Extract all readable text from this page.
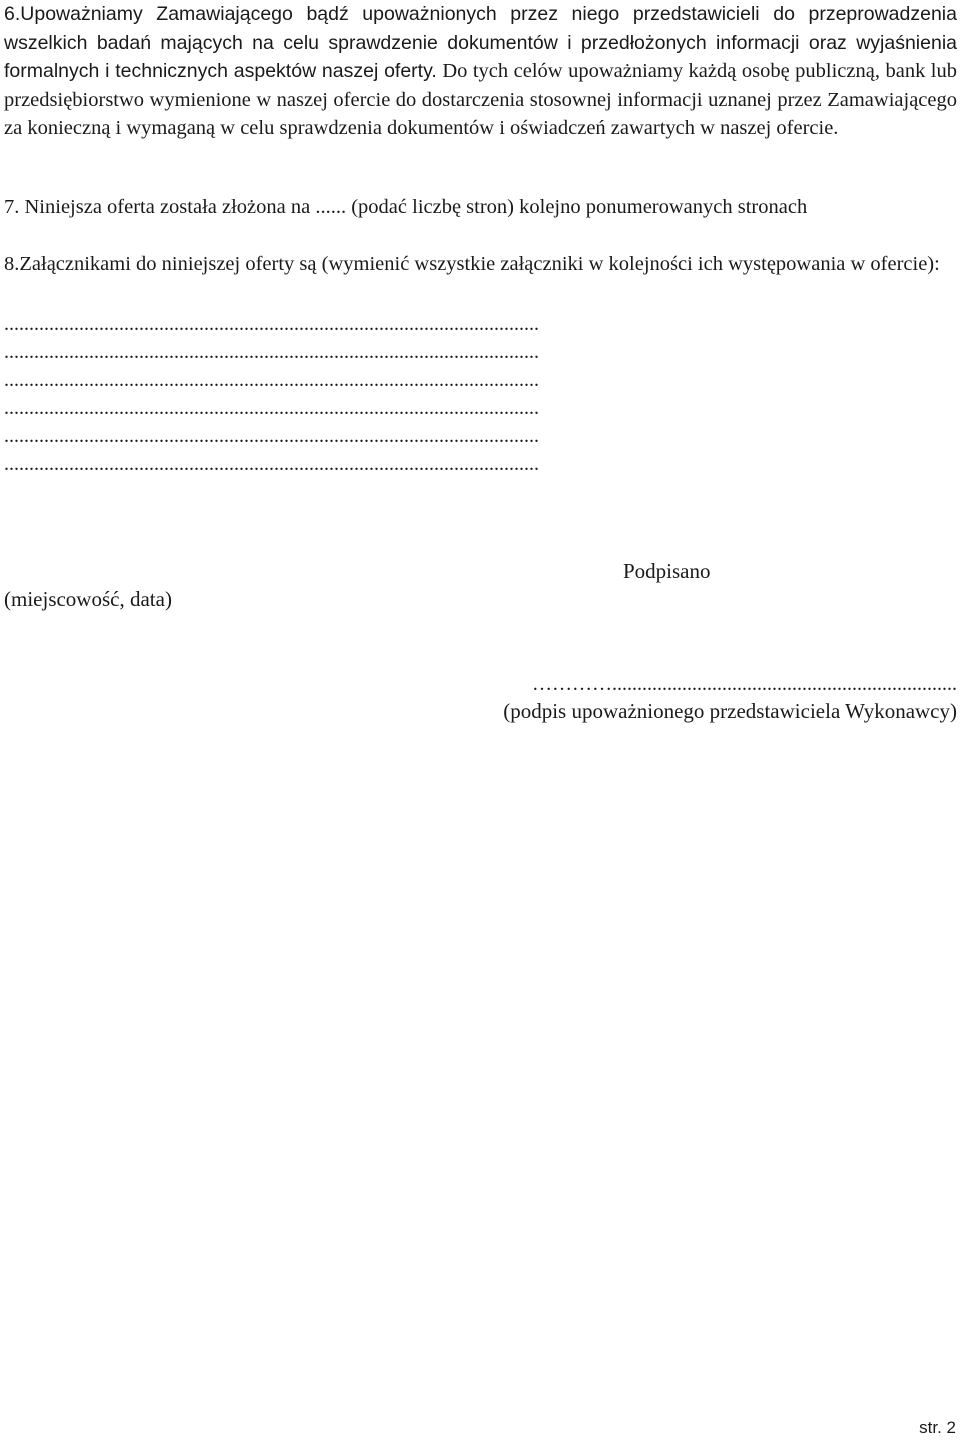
6.Upoważniamy Zamawiającego bądź upoważnionych przez niego przedstawicieli do przeprowadzenia wszelkich badań mających na celu sprawdzenie dokumentów i przedłożonych informacji oraz wyjaśnienia formalnych i technicznych aspektów naszej oferty. Do tych celów upoważniamy każdą osobę publiczną, bank lub przedsiębiorstwo wymienione w naszej ofercie do dostarczenia stosownej informacji uznanej przez Zamawiającego za konieczną i wymaganą w celu sprawdzenia dokumentów i oświadczeń zawartych w naszej ofercie.

7. Niniejsza oferta została złożona na ...... (podać liczbę stron) kolejno ponumerowanych stronach

8.Załącznikami do niniejszej oferty są (wymienić wszystkie załączniki w kolejności ich występowania w ofercie):

...........................................................................................................
...........................................................................................................
...........................................................................................................
...........................................................................................................
...........................................................................................................
...........................................................................................................
Podpisano
(miejscowość, data)
………….....................................................................
(podpis upoważnionego przedstawiciela Wykonawcy)
str. 2
